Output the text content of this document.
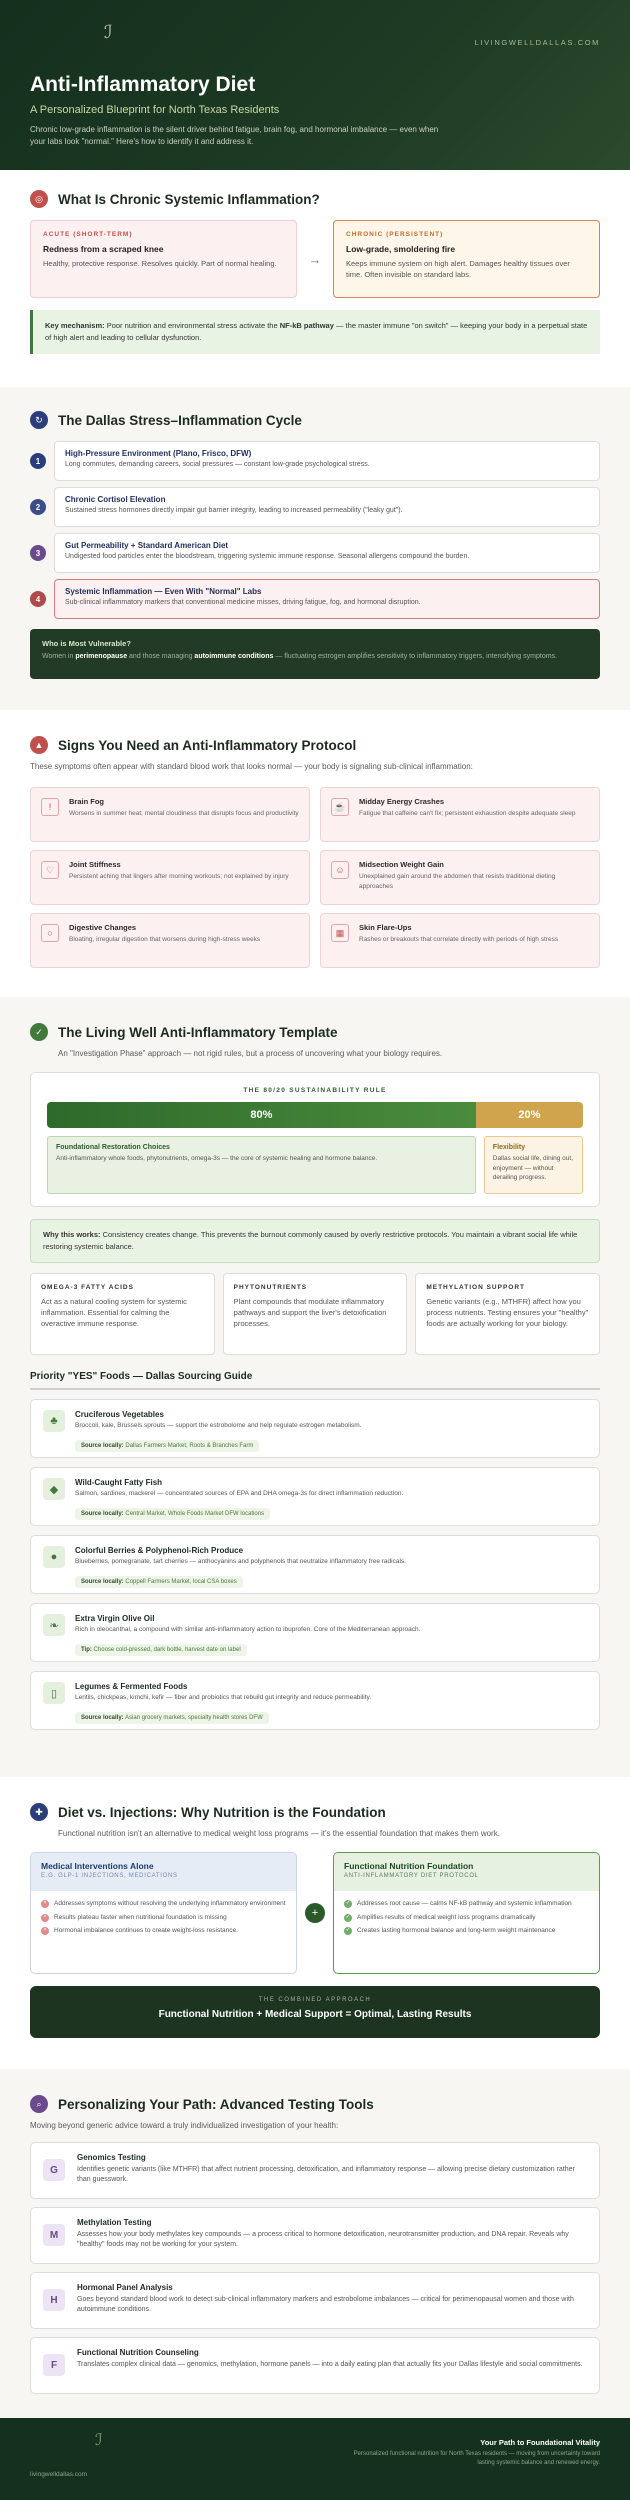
ℐ	LIVINGWELLDALLAS.COM
Anti-Inflammatory Diet
A Personalized Blueprint for North Texas Residents
Chronic low-grade inflammation is the silent driver behind fatigue, brain fog, and hormonal imbalance — even when your labs look "normal." Here's how to identify it and address it.
◎	What Is Chronic Systemic Inflammation?
ACUTE (SHORT-TERM)
Redness from a scraped knee
Healthy, protective response. Resolves quickly. Part of normal healing.	→
CHRONIC (PERSISTENT)
Low-grade, smoldering fire
Keeps immune system on high alert. Damages healthy tissues over time. Often invisible on standard labs.
Key mechanism: Poor nutrition and environmental stress activate the NF-kB pathway — the master immune "on switch" — keeping your body in a perpetual state of high alert and leading to cellular dysfunction.
↻	The Dallas Stress–Inflammation Cycle
1
High-Pressure Environment (Plano, Frisco, DFW)
Long commutes, demanding careers, social pressures — constant low-grade psychological stress.
2
Chronic Cortisol Elevation
Sustained stress hormones directly impair gut barrier integrity, leading to increased permeability ("leaky gut").
3
Gut Permeability + Standard American Diet
Undigested food particles enter the bloodstream, triggering systemic immune response. Seasonal allergens compound the burden.
4
Systemic Inflammation — Even With "Normal" Labs
Sub-clinical inflammatory markers that conventional medicine misses, driving fatigue, fog, and hormonal disruption.
Who is Most Vulnerable?
Women in perimenopause and those managing autoimmune conditions — fluctuating estrogen amplifies sensitivity to inflammatory triggers, intensifying symptoms.
▲	Signs You Need an Anti-Inflammatory Protocol
These symptoms often appear with standard blood work that looks normal — your body is signaling sub-clinical inflammation:
!
Brain Fog
Worsens in summer heat; mental cloudiness that disrupts focus and productivity
☕	Midday Energy Crashes
Fatigue that caffeine can't fix; persistent exhaustion despite adequate sleep
♡	Joint Stiffness
Persistent aching that lingers after morning workouts; not explained by injury
☺
Midsection Weight Gain
Unexplained gain around the abdomen that resists traditional dieting approaches
○
Digestive Changes
Bloating, irregular digestion that worsens during high-stress weeks
▦	Skin Flare-Ups
Rashes or breakouts that correlate directly with periods of high stress
✓	The Living Well Anti-Inflammatory Template
An "Investigation Phase" approach — not rigid rules, but a process of uncovering what your biology requires.
THE 80/20 SUSTAINABILITY RULE
80%	20%
Foundational Restoration Choices
Anti-inflammatory whole foods, phytonutrients, omega-3s — the core of systemic healing and hormone balance.
Flexibility
Dallas social life, dining out, enjoyment — without derailing progress.
Why this works: Consistency creates change. This prevents the burnout commonly caused by overly restrictive protocols. You maintain a vibrant social life while restoring systemic balance.
OMEGA-3 FATTY ACIDS
Act as a natural cooling system for systemic inflammation. Essential for calming the overactive immune response.
PHYTONUTRIENTS
Plant compounds that modulate inflammatory pathways and support the liver's detoxification processes.
METHYLATION SUPPORT
Genetic variants (e.g., MTHFR) affect how you process nutrients. Testing ensures your "healthy" foods are actually working for your biology.
Priority "YES" Foods — Dallas Sourcing Guide
♣
Cruciferous Vegetables
Broccoli, kale, Brussels sprouts — support the estrobolome and help regulate estrogen metabolism.
Source locally: Dallas Farmers Market, Roots & Branches Farm
◆
Wild-Caught Fatty Fish
Salmon, sardines, mackerel — concentrated sources of EPA and DHA omega-3s for direct inflammation reduction.
Source locally: Central Market, Whole Foods Market DFW locations
●
Colorful Berries & Polyphenol-Rich Produce
Blueberries, pomegranate, tart cherries — anthocyanins and polyphenols that neutralize inflammatory free radicals.
Source locally: Coppell Farmers Market, local CSA boxes
❧
Extra Virgin Olive Oil
Rich in oleocanthal, a compound with similar anti-inflammatory action to ibuprofen. Core of the Mediterranean approach.
Tip: Choose cold-pressed, dark bottle, harvest date on label
▯
Legumes & Fermented Foods
Lentils, chickpeas, kimchi, kefir — fiber and probiotics that rebuild gut integrity and reduce permeability.
Source locally: Asian grocery markets, specialty health stores DFW
✚	Diet vs. Injections: Why Nutrition is the Foundation
Functional nutrition isn't an alternative to medical weight loss programs — it's the essential foundation that makes them work.
Medical Interventions Alone
E.G. GLP-1 INJECTIONS, MEDICATIONS
×	Addresses symptoms without resolving the underlying inflammatory environment
×	Results plateau faster when nutritional foundation is missing
×	Hormonal imbalance continues to create weight-loss resistance.
+
Functional Nutrition Foundation
ANTI-INFLAMMATORY DIET PROTOCOL
✓ Addresses root cause — calms NF-kB pathway and systemic inflammation
✓ Amplifies results of medical weight loss programs dramatically
✓ Creates lasting hormonal balance and long-term weight maintenance
THE COMBINED APPROACH
Functional Nutrition + Medical Support = Optimal, Lasting Results
⌕	Personalizing Your Path: Advanced Testing Tools
Moving beyond generic advice toward a truly individualized investigation of your health:
G
Genomics Testing
Identifies genetic variants (like MTHFR) that affect nutrient processing, detoxification, and inflammatory response — allowing precise dietary customization rather than guesswork.
M
Methylation Testing
Assesses how your body methylates key compounds — a process critical to hormone detoxification, neurotransmitter production, and DNA repair. Reveals why "healthy" foods may not be working for your system.
H
Hormonal Panel Analysis
Goes beyond standard blood work to detect sub-clinical inflammatory markers and estrobolome imbalances — critical for perimenopausal women and those with autoimmune conditions.
F
Functional Nutrition Counseling
Translates complex clinical data — genomics, methylation, hormone panels — into a daily eating plan that actually fits your Dallas lifestyle and social commitments.
ℐ
livingwelldallas.com
Your Path to Foundational Vitality
Personalized functional nutrition for North Texas residents — moving from uncertainty toward lasting systemic balance and renewed energy.
